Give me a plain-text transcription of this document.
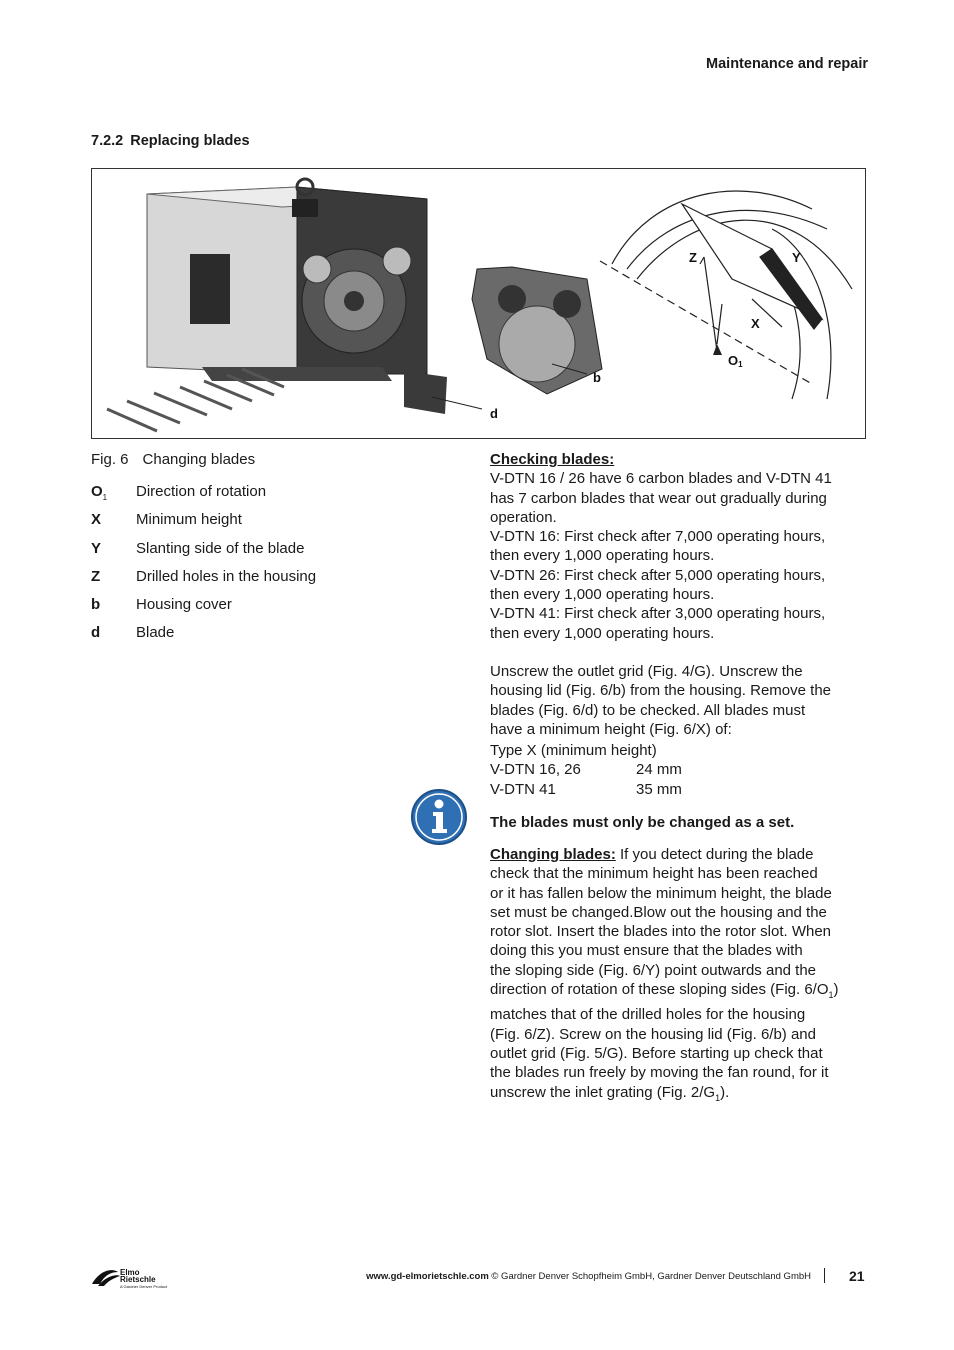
Maintenance and repair
7.2.2 Replacing blades
Z	Y
X
$O_1$
b
d
Fig. 6 Changing blades
$O_1$ Direction of rotation
X Minimum height
Y Slanting side of the blade
Z Drilled holes in the housing
b Housing cover
d Blade

Checking blades:

V-DTN 16 / 26 have 6 carbon blades and V-DTN 41

has 7 carbon blades that wear out gradually during

operation.

V-DTN 16: First check after 7,000 operating hours,

then every 1,000 operating hours.

V-DTN 26: First check after 5,000 operating hours,

then every 1,000 operating hours.

V-DTN 41: First check after 3,000 operating hours,

then every 1,000 operating hours.

Unscrew the outlet grid (Fig. 4/G). Unscrew the

housing lid (Fig. 6/b) from the housing. Remove the

blades (Fig. 6/d) to be checked. All blades must

have a minimum height (Fig. 6/X) of:

Type X (minimum height)

V-DTN 16, 26	24 mm
V-DTN 41	35 mm
The blades must only be changed as a set.

Changing blades: If you detect during the blade

check that the minimum height has been reached

or it has fallen below the minimum height, the blade

set must be changed.Blow out the housing and the

rotor slot. Insert the blades into the rotor slot. When

doing this you must ensure that the blades with

the sloping side (Fig. 6/Y) point outwards and the

direction of rotation of these sloping sides (Fig. $6/O_1$)

matches that of the drilled holes for the housing

(Fig. 6/Z). Screw on the housing lid (Fig. 6/b) and

outlet grid (Fig. 5/G). Before starting up check that

the blades run freely by moving the fan round, for it

unscrew the inlet grating (Fig. $2/G_1$).

Elmo
Rietschle
A Gardner Denver Product
www.gd-elmorietschle.com © Gardner Denver Schopfheim GmbH, Gardner Denver Deutschland GmbH	21
